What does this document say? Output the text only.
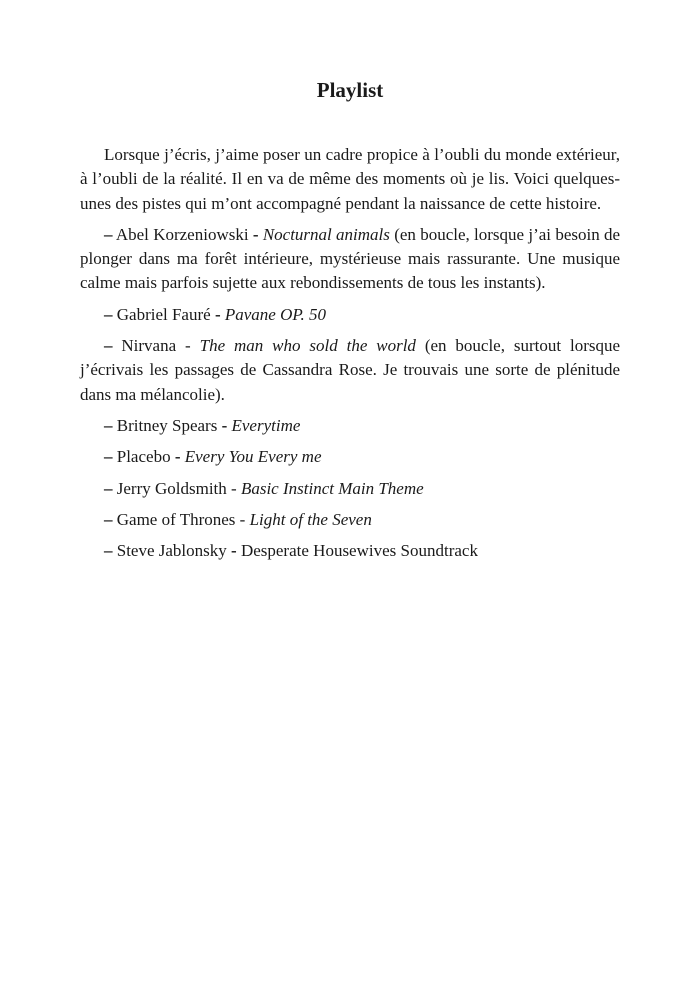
Playlist

Lorsque j’écris, j’aime poser un cadre propice à l’oubli du monde extérieur, à l’oubli de la réalité. Il en va de même des moments où je lis. Voici quelques-unes des pistes qui m’ont accompagné pendant la naissance de cette histoire.

– Abel Korzeniowski - Nocturnal animals (en boucle, lorsque j’ai besoin de plonger dans ma forêt intérieure, mystérieuse mais rassurante. Une musique calme mais parfois sujette aux rebondissements de tous les instants).

– Gabriel Fauré - Pavane OP. 50

– Nirvana - The man who sold the world (en boucle, surtout lorsque j’écrivais les passages de Cassandra Rose. Je trouvais une sorte de plénitude dans ma mélancolie).

– Britney Spears - Everytime

– Placebo - Every You Every me

– Jerry Goldsmith - Basic Instinct Main Theme

– Game of Thrones - Light of the Seven

– Steve Jablonsky - Desperate Housewives Soundtrack
